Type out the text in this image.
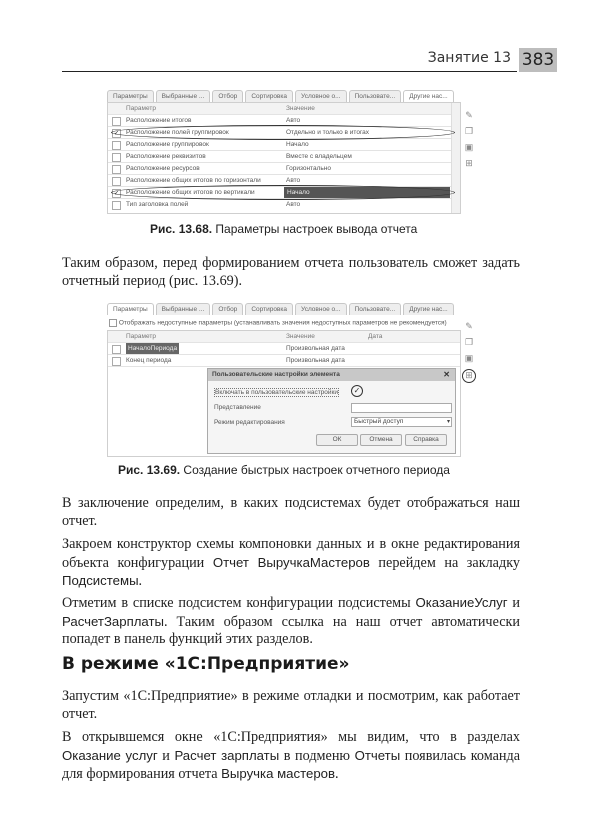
Занятие 13 383
Параметры	Выбранные ...	Отбор	Сортировка	Условное о...	Пользовате...	Другие нас...
Параметр	Значение
Расположение итогов	Авто
✓ Расположение полей группировок	Отдельно и только в итогах
Расположение группировок	Начало
Расположение реквизитов	Вместе с владельцем
Расположение ресурсов	Горизонтально
Расположение общих итогов по горизонтали	Авто
✓ Расположение общих итогов по вертикали	Начало
Тип заголовка полей	Авто
✎
❐
▣
⊞
Рис. 13.68. Параметры настроек вывода отчета
Таким образом, перед формированием отчета пользователь сможет задать отчетный период (рис. 13.69).
Параметры	Выбранные ...	Отбор	Сортировка	Условное о...	Пользовате...	Другие нас...
Отображать недоступные параметры (устанавливать значения недоступных параметров не рекомендуется)
Параметр	Значение	Дата
НачалоПериода	Произвольная дата
Конец периода	Произвольная дата
✎
❐
▣
⊞
Пользовательские настройки элемента	✕
Включать в пользовательские настройки	✓
Представление
Режим редактирования	Быстрый доступ	▾
ОК	Отмена	Справка
Рис. 13.69. Создание быстрых настроек отчетного периода
В заключение определим, в каких подсистемах будет отображаться наш отчет.
Закроем конструктор схемы компоновки данных и в окне редактирования объекта конфигурации Отчет ВыручкаМастеров перейдем на закладку Подсистемы.
Отметим в списке подсистем конфигурации подсистемы ОказаниеУслуг и РасчетЗарплаты. Таким образом ссылка на наш отчет автоматически попадет в панель функций этих разделов.
В режиме «1С:Предприятие»
Запустим «1С:Предприятие» в режиме отладки и посмотрим, как работает отчет.
В открывшемся окне «1С:Предприятия» мы видим, что в разделах Оказание услуг и Расчет зарплаты в подменю Отчеты появилась команда для формирования отчета Выручка мастеров.
